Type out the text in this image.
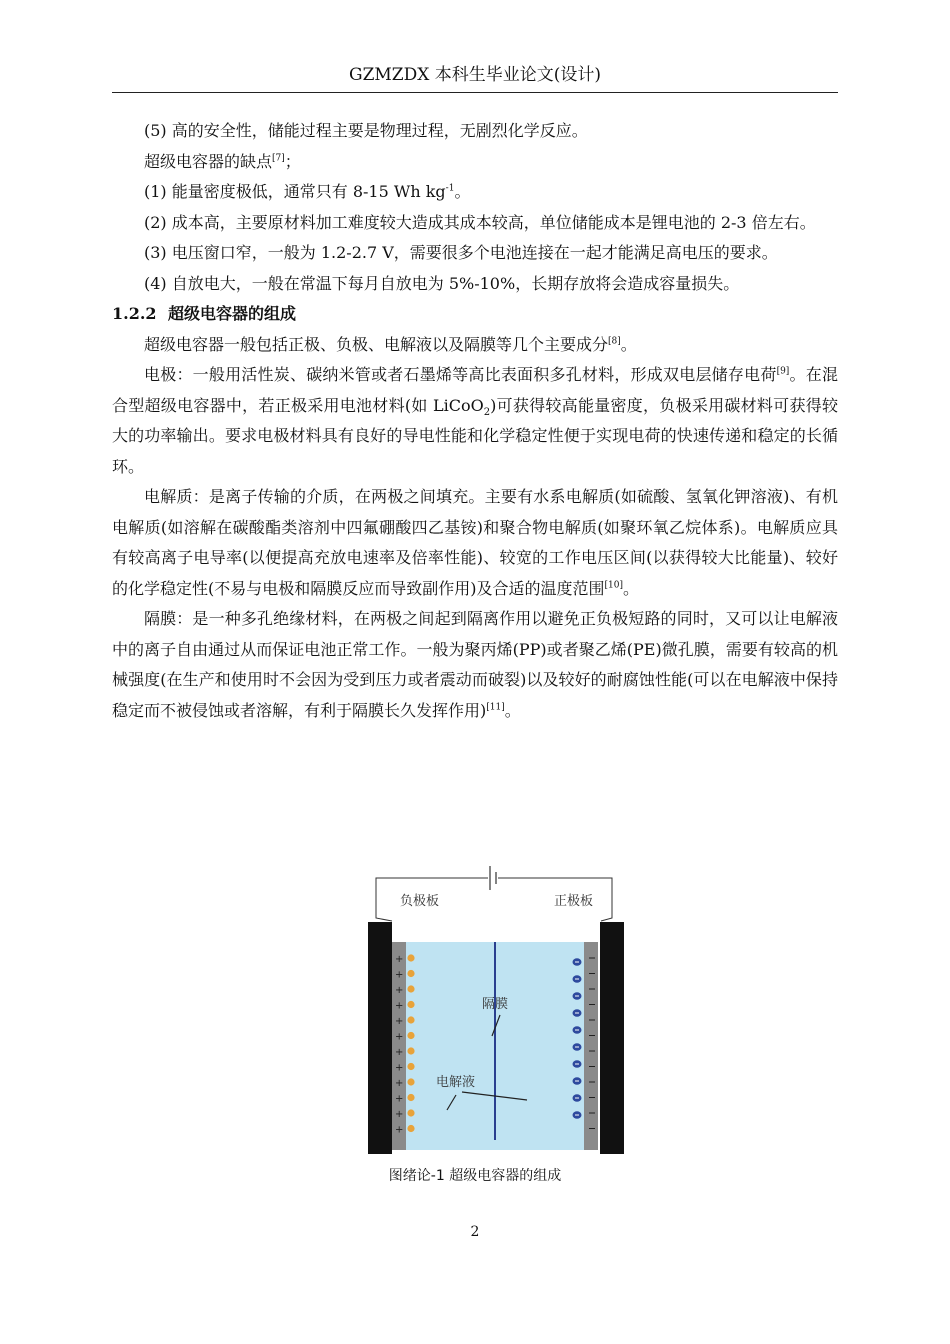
GZMZDX 本科生毕业论文(设计)

(5) 高的安全性，储能过程主要是物理过程，无剧烈化学反应。

超级电容器的缺点[7]；

(1) 能量密度极低，通常只有 8-15 Wh $kg^{-1}$。

(2) 成本高，主要原材料加工难度较大造成其成本较高，单位储能成本是锂电池的 2-3 倍左右。

(3) 电压窗口窄，一般为 1.2-2.7 V，需要很多个电池连接在一起才能满足高电压的要求。

(4) 自放电大，一般在常温下每月自放电为 5%-10%，长期存放将会造成容量损失。

1.2.2 超级电容器的组成

超级电容器一般包括正极、负极、电解液以及隔膜等几个主要成分[8]。

电极：一般用活性炭、碳纳米管或者石墨烯等高比表面积多孔材料，形成双电层储存电荷[9]。在混合型超级电容器中，若正极采用电池材料(如 LiCoO$_2$)可获得较高能量密度，负极采用碳材料可获得较大的功率输出。要求电极材料具有良好的导电性能和化学稳定性便于实现电荷的快速传递和稳定的长循环。

电解质：是离子传输的介质，在两极之间填充。主要有水系电解质(如硫酸、氢氧化钾溶液)、有机电解质(如溶解在碳酸酯类溶剂中四氟硼酸四乙基铵)和聚合物电解质(如聚环氧乙烷体系)。电解质应具有较高离子电导率(以便提高充放电速率及倍率性能)、较宽的工作电压区间(以获得较大比能量)、较好的化学稳定性(不易与电极和隔膜反应而导致副作用)及合适的温度范围[10]。

隔膜：是一种多孔绝缘材料，在两极之间起到隔离作用以避免正负极短路的同时，又可以让电解液中的离子自由通过从而保证电池正常工作。一般为聚丙烯(PP)或者聚乙烯(PE)微孔膜，需要有较高的机械强度(在生产和使用时不会因为受到压力或者震动而破裂)以及较好的耐腐蚀性能(可以在电解液中保持稳定而不被侵蚀或者溶解，有利于隔膜长久发挥作用)[11]。

+
+
+
+
+
+
+
+
+
+
+
+
负极板	正极板
隔膜
电解液
图绪论-1 超级电容器的组成
2
